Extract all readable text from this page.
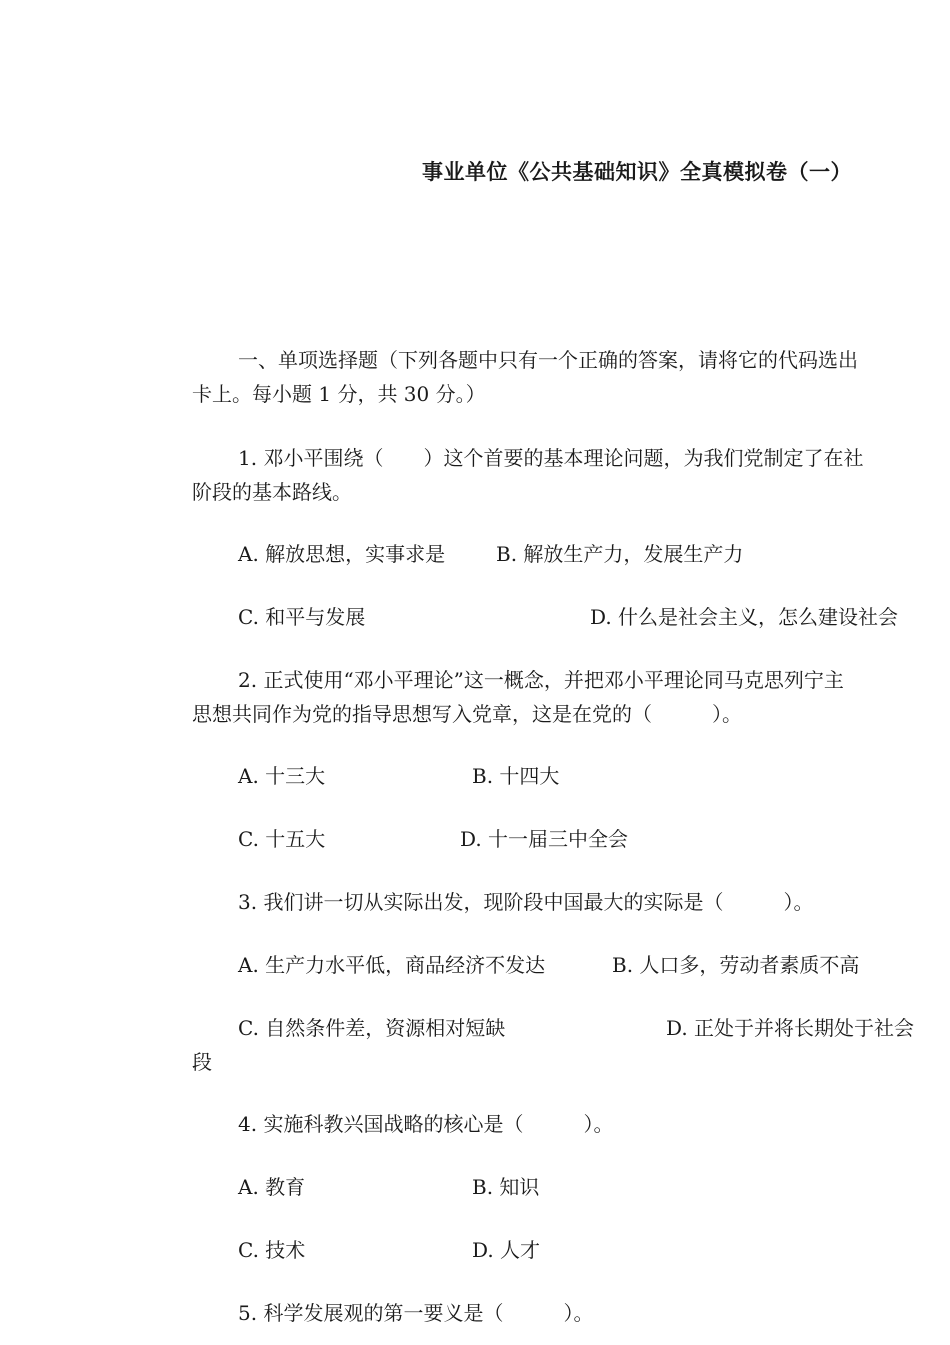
事业单位《公共基础知识》全真模拟卷（一）
一、单项选择题（下列各题中只有一个正确的答案，请将它的代码选出
卡上。每小题 1 分，共 30 分。）
1. 邓小平围绕（　　）这个首要的基本理论问题，为我们党制定了在社
阶段的基本路线。
A. 解放思想，实事求是	B. 解放生产力，发展生产力
C. 和平与发展	D. 什么是社会主义，怎么建设社会
2. 正式使用“邓小平理论”这一概念，并把邓小平理论同马克思列宁主
思想共同作为党的指导思想写入党章，这是在党的（　　　）。
A. 十三大	B. 十四大
C. 十五大	D. 十一届三中全会
3. 我们讲一切从实际出发，现阶段中国最大的实际是（　　　）。
A. 生产力水平低，商品经济不发达	B. 人口多，劳动者素质不高
C. 自然条件差，资源相对短缺	D. 正处于并将长期处于社会
段
4. 实施科教兴国战略的核心是（　　　）。
A. 教育	B. 知识
C. 技术	D. 人才
5. 科学发展观的第一要义是（　　　）。
